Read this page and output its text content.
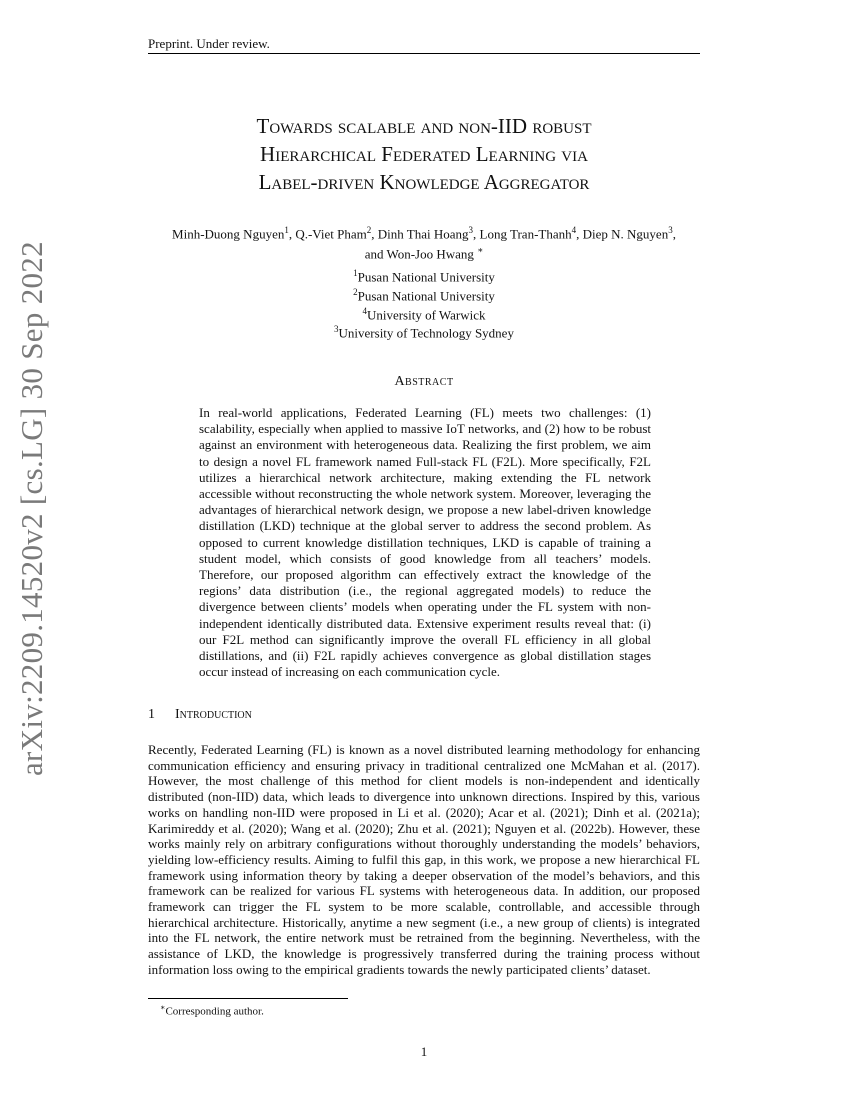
Preprint. Under review.
arXiv:2209.14520v2 [cs.LG] 30 Sep 2022
Towards scalable and non-IID robust
Hierarchical Federated Learning via
Label-driven Knowledge Aggregator
Minh-Duong Nguyen$^1$, Q.-Viet Pham$^2$, Dinh Thai Hoang$^3$, Long Tran-Thanh$^4$, Diep N. Nguyen$^3$,
and Won-Joo Hwang ∗
$^1$Pusan National University
$^2$Pusan National University
$^4$University of Warwick
$^3$University of Technology Sydney
Abstract
In real-world applications, Federated Learning (FL) meets two challenges: (1) scalability, especially when applied to massive IoT networks, and (2) how to be robust against an environment with heterogeneous data. Realizing the first problem, we aim to design a novel FL framework named Full-stack FL (F2L). More specifically, F2L utilizes a hierarchical network architecture, making extending the FL network accessible without reconstructing the whole network system. Moreover, leveraging the advantages of hierarchical network design, we propose a new label-driven knowledge distillation (LKD) technique at the global server to address the second problem. As opposed to current knowledge distillation techniques, LKD is capable of training a student model, which consists of good knowledge from all teachers’ models. Therefore, our proposed algorithm can effectively extract the knowledge of the regions’ data distribution (i.e., the regional aggregated models) to reduce the divergence between clients’ models when operating under the FL system with non-independent identically distributed data. Extensive experiment results reveal that: (i) our F2L method can significantly improve the overall FL efficiency in all global distillations, and (ii) F2L rapidly achieves convergence as global distillation stages occur instead of increasing on each communication cycle.
1 Introduction
Recently, Federated Learning (FL) is known as a novel distributed learning methodology for enhancing communication efficiency and ensuring privacy in traditional centralized one McMahan et al. (2017). However, the most challenge of this method for client models is non-independent and identically distributed (non-IID) data, which leads to divergence into unknown directions. Inspired by this, various works on handling non-IID were proposed in Li et al. (2020); Acar et al. (2021); Dinh et al. (2021a); Karimireddy et al. (2020); Wang et al. (2020); Zhu et al. (2021); Nguyen et al. (2022b). However, these works mainly rely on arbitrary configurations without thoroughly understanding the models’ behaviors, yielding low-efficiency results. Aiming to fulfil this gap, in this work, we propose a new hierarchical FL framework using information theory by taking a deeper observation of the model’s behaviors, and this framework can be realized for various FL systems with heterogeneous data. In addition, our proposed framework can trigger the FL system to be more scalable, controllable, and accessible through hierarchical architecture. Historically, anytime a new segment (i.e., a new group of clients) is integrated into the FL network, the entire network must be retrained from the beginning. Nevertheless, with the assistance of LKD, the knowledge is progressively transferred during the training process without information loss owing to the empirical gradients towards the newly participated clients’ dataset.
∗Corresponding author.
1
